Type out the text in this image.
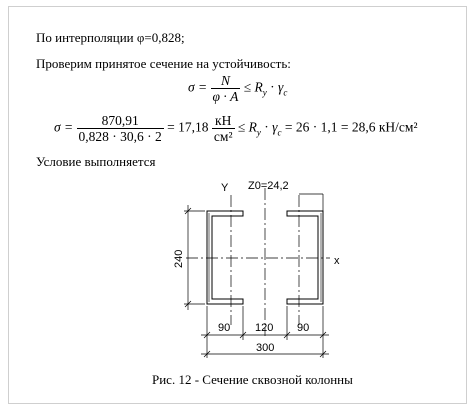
По интерполяции φ=0,828;
Проверим принятое сечение на устойчивость:
$\sigma = \frac{N}{\varphi \cdot A} \le R_y \cdot \gamma_c$
$\sigma = \frac{870,91}{0,828 \cdot 30,6 \cdot 2} = 17,18 \frac{кН}{\text{см²}} \le R_y \cdot \gamma_c = 26 \cdot 1,1 = 28,6$ кН/см²
Условие выполняется
Y
x
Z0=24,2
240
90 120 90
300
Рис. 12 - Сечение сквозной колонны
